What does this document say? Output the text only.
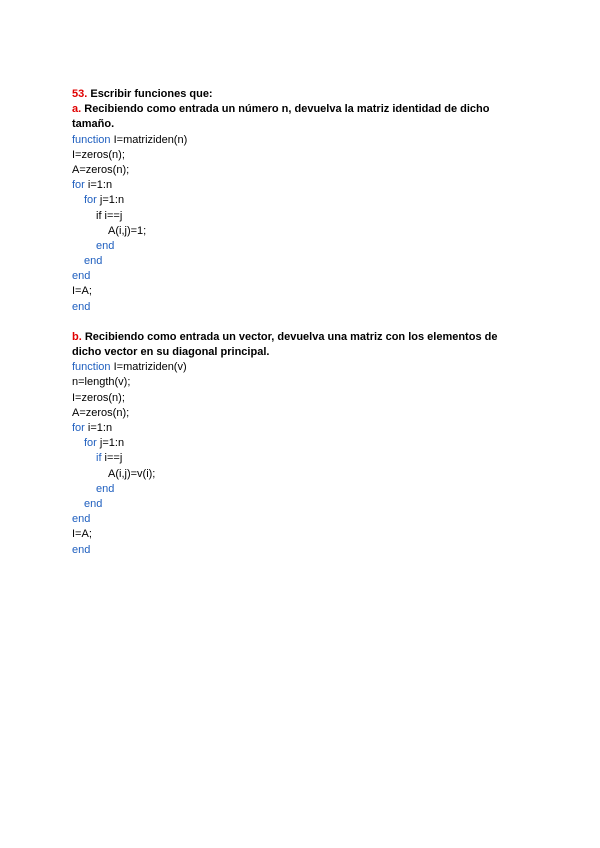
53. Escribir funciones que:
a. Recibiendo como entrada un número n, devuelva la matriz identidad de dicho
tamaño.
function I=matriziden(n)
I=zeros(n);
A=zeros(n);
for i=1:n
for j=1:n
if i==j
A(i,j)=1;
end
end
end
I=A;
end
b. Recibiendo como entrada un vector, devuelva una matriz con los elementos de
dicho vector en su diagonal principal.
function I=matriziden(v)
n=length(v);
I=zeros(n);
A=zeros(n);
for i=1:n
for j=1:n
if i==j
A(i,j)=v(i);
end
end
end
I=A;
end
